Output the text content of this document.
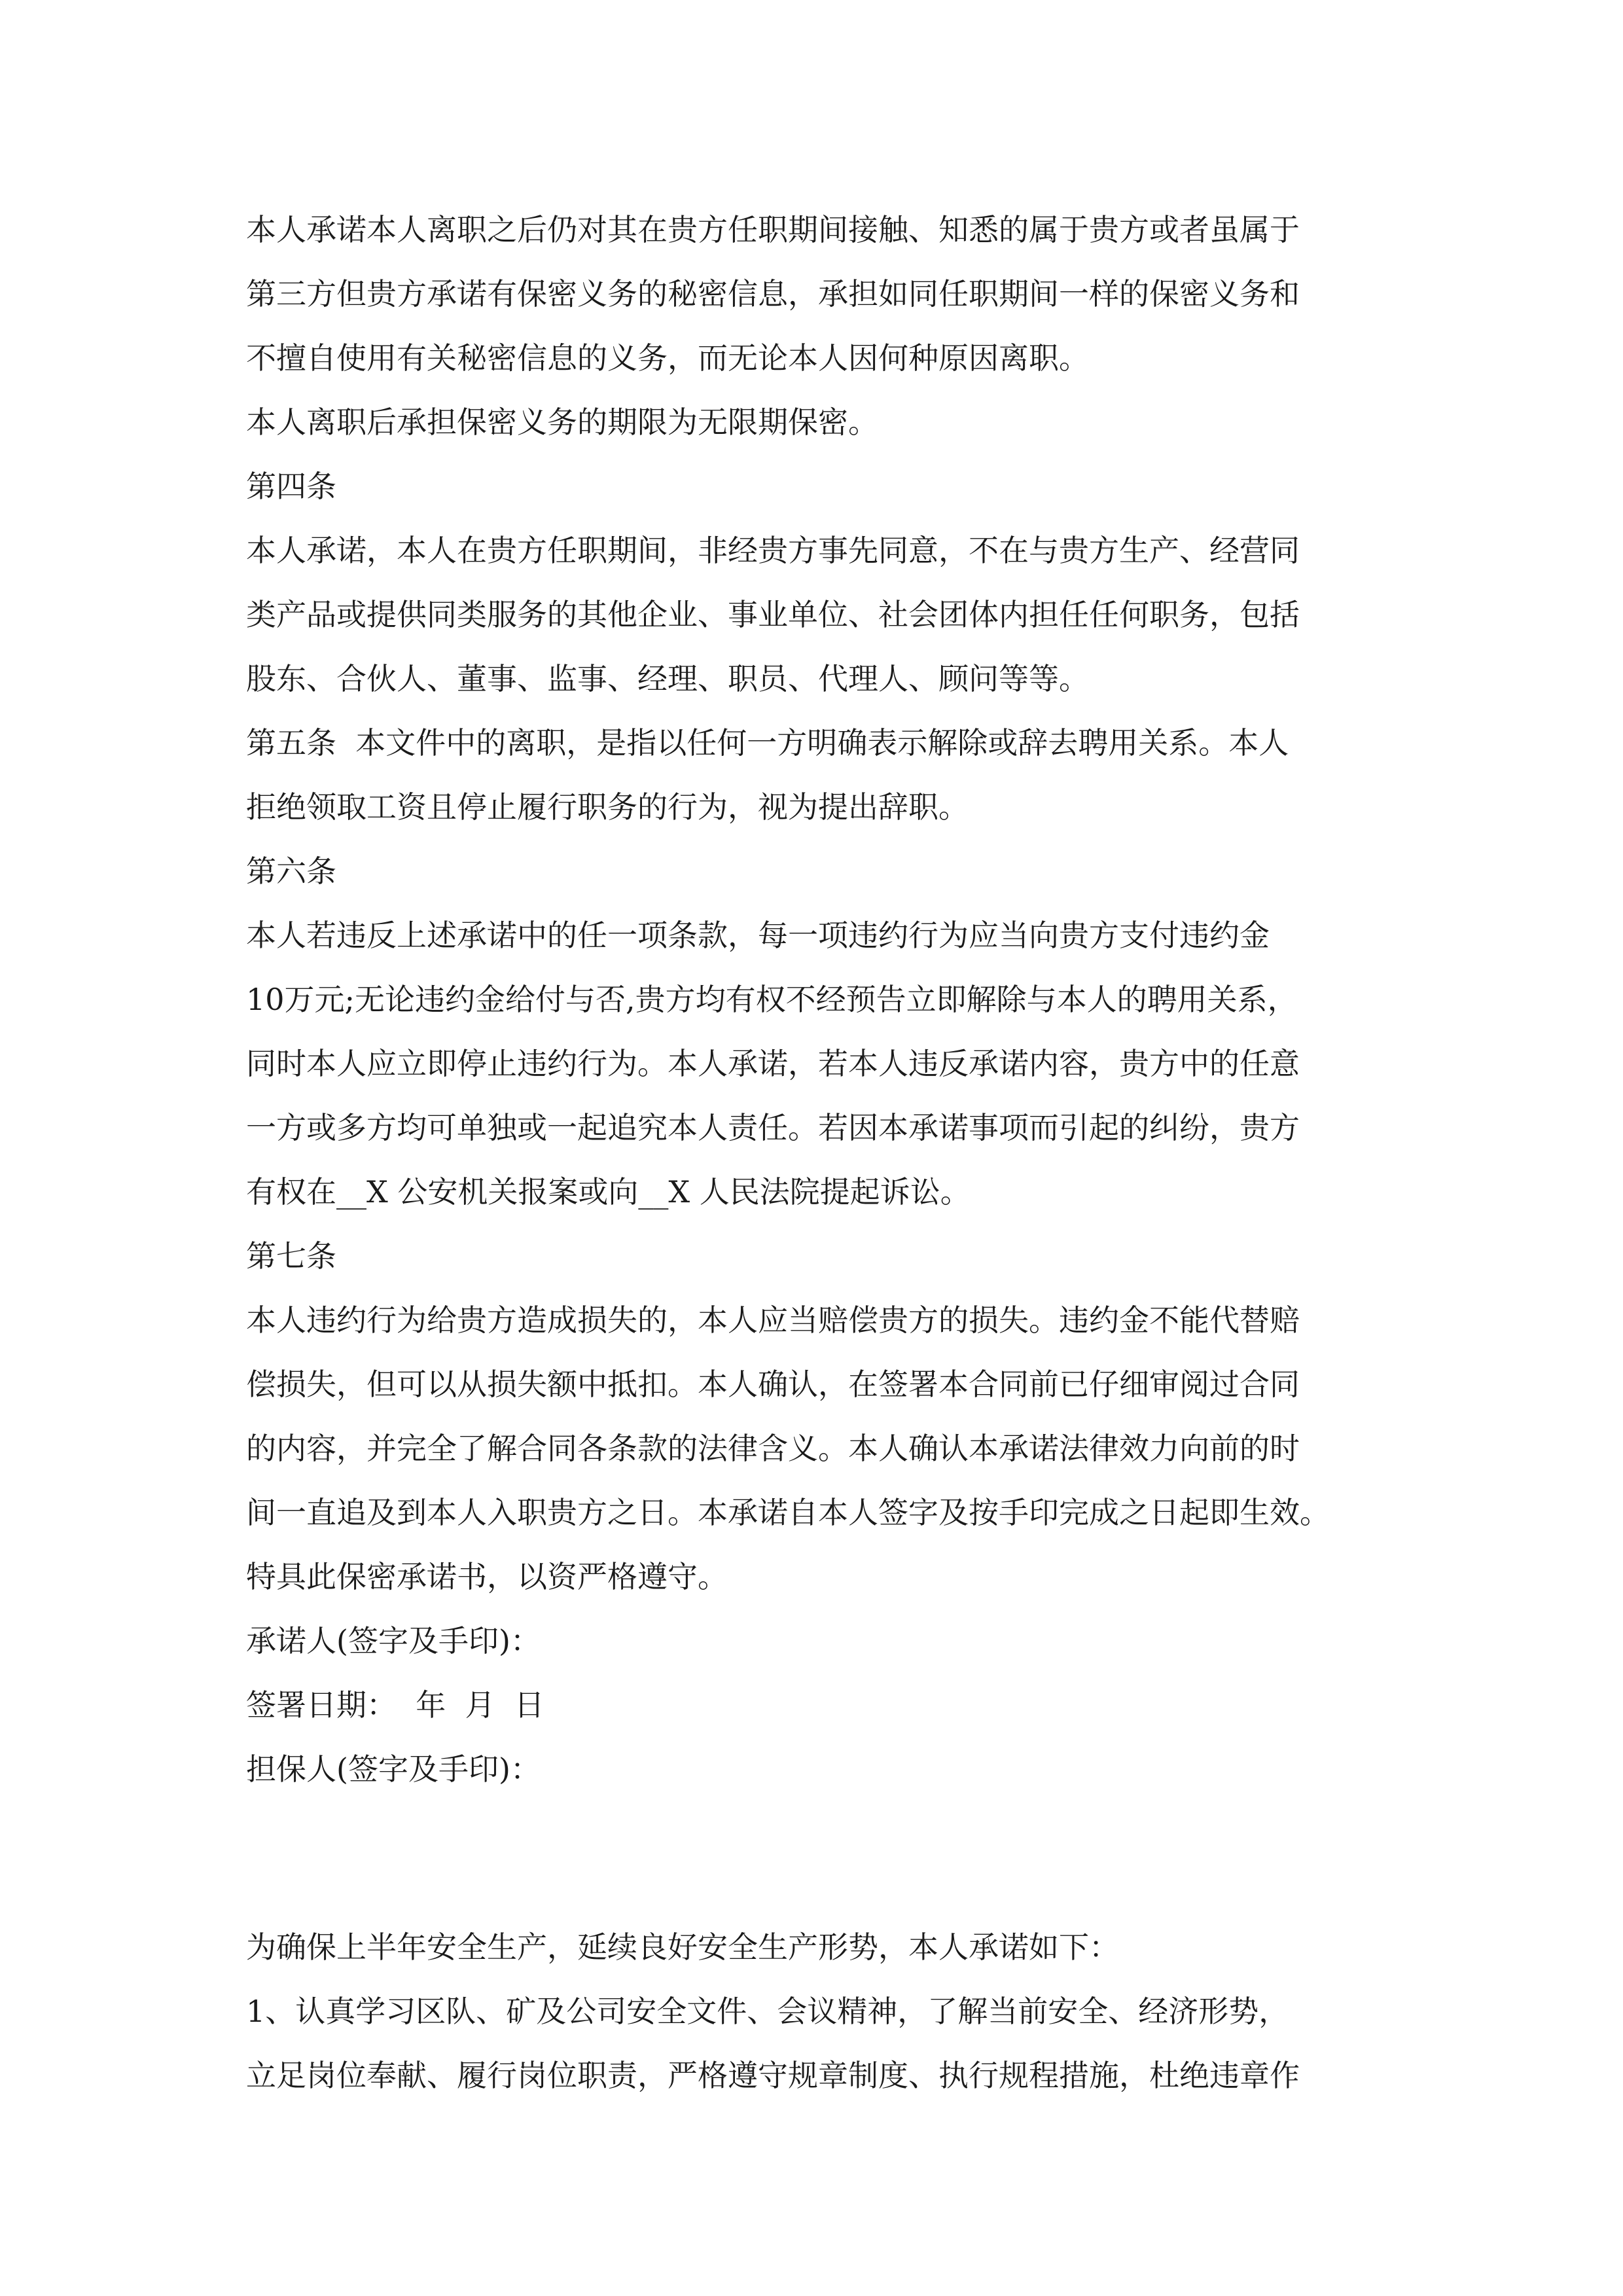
本人承诺本人离职之后仍对其在贵方任职期间接触、知悉的属于贵方或者虽属于
第三方但贵方承诺有保密义务的秘密信息，承担如同任职期间一样的保密义务和
不擅自使用有关秘密信息的义务，而无论本人因何种原因离职。
本人离职后承担保密义务的期限为无限期保密。
第四条
本人承诺，本人在贵方任职期间，非经贵方事先同意，不在与贵方生产、经营同
类产品或提供同类服务的其他企业、事业单位、社会团体内担任任何职务，包括
股东、合伙人、董事、监事、经理、职员、代理人、顾问等等。
第五条  本文件中的离职，是指以任何一方明确表示解除或辞去聘用关系。本人
拒绝领取工资且停止履行职务的行为，视为提出辞职。
第六条
本人若违反上述承诺中的任一项条款，每一项违约行为应当向贵方支付违约金
10万元;无论违约金给付与否,贵方均有权不经预告立即解除与本人的聘用关系，
同时本人应立即停止违约行为。本人承诺，若本人违反承诺内容，贵方中的任意
一方或多方均可单独或一起追究本人责任。若因本承诺事项而引起的纠纷，贵方
有权在__X 公安机关报案或向__X 人民法院提起诉讼。
第七条
本人违约行为给贵方造成损失的，本人应当赔偿贵方的损失。违约金不能代替赔
偿损失，但可以从损失额中抵扣。本人确认，在签署本合同前已仔细审阅过合同
的内容，并完全了解合同各条款的法律含义。本人确认本承诺法律效力向前的时
间一直追及到本人入职贵方之日。本承诺自本人签字及按手印完成之日起即生效。
特具此保密承诺书，以资严格遵守。
承诺人(签字及手印)：
签署日期：  年  月  日
担保人(签字及手印)：
为确保上半年安全生产，延续良好安全生产形势，本人承诺如下：
1、认真学习区队、矿及公司安全文件、会议精神，了解当前安全、经济形势，
立足岗位奉献、履行岗位职责，严格遵守规章制度、执行规程措施，杜绝违章作
